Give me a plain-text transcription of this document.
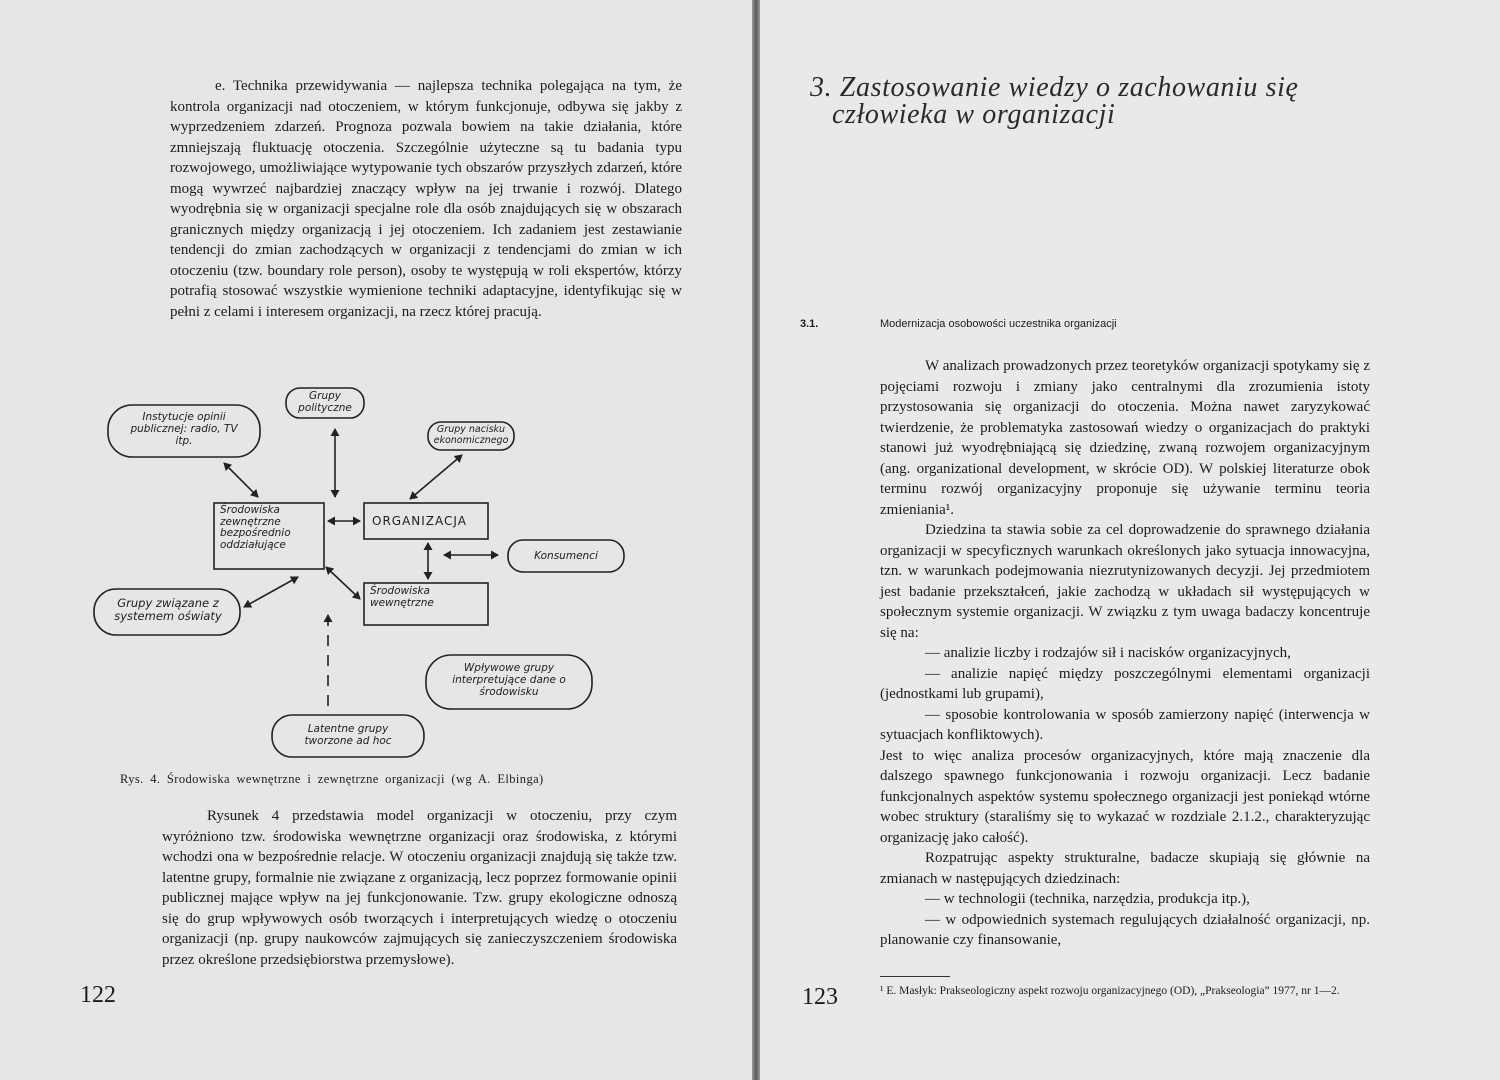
e. Technika przewidywania — najlepsza technika polegająca na tym, że kontrola organizacji nad otoczeniem, w którym funkcjonuje, odbywa się jakby z wyprzedzeniem zdarzeń. Prognoza pozwala bowiem na takie działania, które zmniejszają fluktuację otoczenia. Szczególnie użyteczne są tu badania typu rozwojowego, umożliwiające wytypowanie tych obszarów przyszłych zdarzeń, które mogą wywrzeć najbardziej znaczący wpływ na jej trwanie i rozwój. Dlatego wyodrębnia się w organizacji specjalne role dla osób znajdujących się w obszarach granicznych między organizacją i jej otoczeniem. Ich zadaniem jest zestawianie tendencji do zmian zachodzących w organizacji z tendencjami do zmian w ich otoczeniu (tzw. boundary role person), osoby te występują w roli ekspertów, którzy potrafią stosować wszystkie wymienione techniki adaptacyjne, identyfikując się w pełni z celami i interesem organizacji, na rzecz której pracują.

Instytucje opinii publicznej: radio, TV itp.
Grupy polityczne
Grupy nacisku ekonomicznego
Środowiska zewnętrzne bezpośrednio oddziałujące
ORGANIZACJA
Konsumenci
Środowiska wewnętrzne
Grupy związane z systemem oświaty
Wpływowe grupy interpretujące dane o środowisku
Latentne grupy tworzone ad hoc
Rys. 4. Środowiska wewnętrzne i zewnętrzne organizacji (wg A. Elbinga)

Rysunek 4 przedstawia model organizacji w otoczeniu, przy czym wyróżniono tzw. środowiska wewnętrzne organizacji oraz środowiska, z którymi wchodzi ona w bezpośrednie relacje. W otoczeniu organizacji znajdują się także tzw. latentne grupy, formalnie nie związane z organizacją, lecz poprzez formowanie opinii publicznej mające wpływ na jej funkcjonowanie. Tzw. grupy ekologiczne odnoszą się do grup wpływowych osób tworzących i interpretujących wiedzę o otoczeniu organizacji (np. grupy naukowców zajmujących się zanieczyszczeniem środowiska przez określone przedsiębiorstwa przemysłowe).

122
3. Zastosowanie wiedzy o zachowaniu się
człowieka w organizacji
3.1.	Modernizacja osobowości uczestnika organizacji

W analizach prowadzonych przez teoretyków organizacji spotykamy się z pojęciami rozwoju i zmiany jako centralnymi dla zrozumienia istoty przystosowania się organizacji do otoczenia. Można nawet zaryzykować twierdzenie, że problematyka zastosowań wiedzy o organizacjach do praktyki stanowi już wyodrębniającą się dziedzinę, zwaną rozwojem organizacyjnym (ang. organizational development, w skrócie OD). W polskiej literaturze obok terminu rozwój organizacyjny proponuje się używanie terminu teoria zmieniania¹.

Dziedzina ta stawia sobie za cel doprowadzenie do sprawnego działania organizacji w specyficznych warunkach określonych jako sytuacja innowacyjna, tzn. w warunkach podejmowania niezrutynizowanych decyzji. Jej przedmiotem jest badanie przekształceń, jakie zachodzą w układach sił występujących w społecznym systemie organizacji. W związku z tym uwaga badaczy koncentruje się na:

— analizie liczby i rodzajów sił i nacisków organizacyjnych,

— analizie napięć między poszczególnymi elementami organizacji (jednostkami lub grupami),

— sposobie kontrolowania w sposób zamierzony napięć (interwencja w sytuacjach konfliktowych).

Jest to więc analiza procesów organizacyjnych, które mają znaczenie dla dalszego spawnego funkcjonowania i rozwoju organizacji. Lecz badanie funkcjonalnych aspektów systemu społecznego organizacji jest poniekąd wtórne wobec struktury (staraliśmy się to wykazać w rozdziale 2.1.2., charakteryzując organizację jako całość).

Rozpatrując aspekty strukturalne, badacze skupiają się głównie na zmianach w następujących dziedzinach:

— w technologii (technika, narzędzia, produkcja itp.),

— w odpowiednich systemach regulujących działalność organizacji, np. planowanie czy finansowanie,

¹ E. Masłyk: Prakseologiczny aspekt rozwoju organizacyjnego (OD), „Prakseologia” 1977, nr 1—2.
123
